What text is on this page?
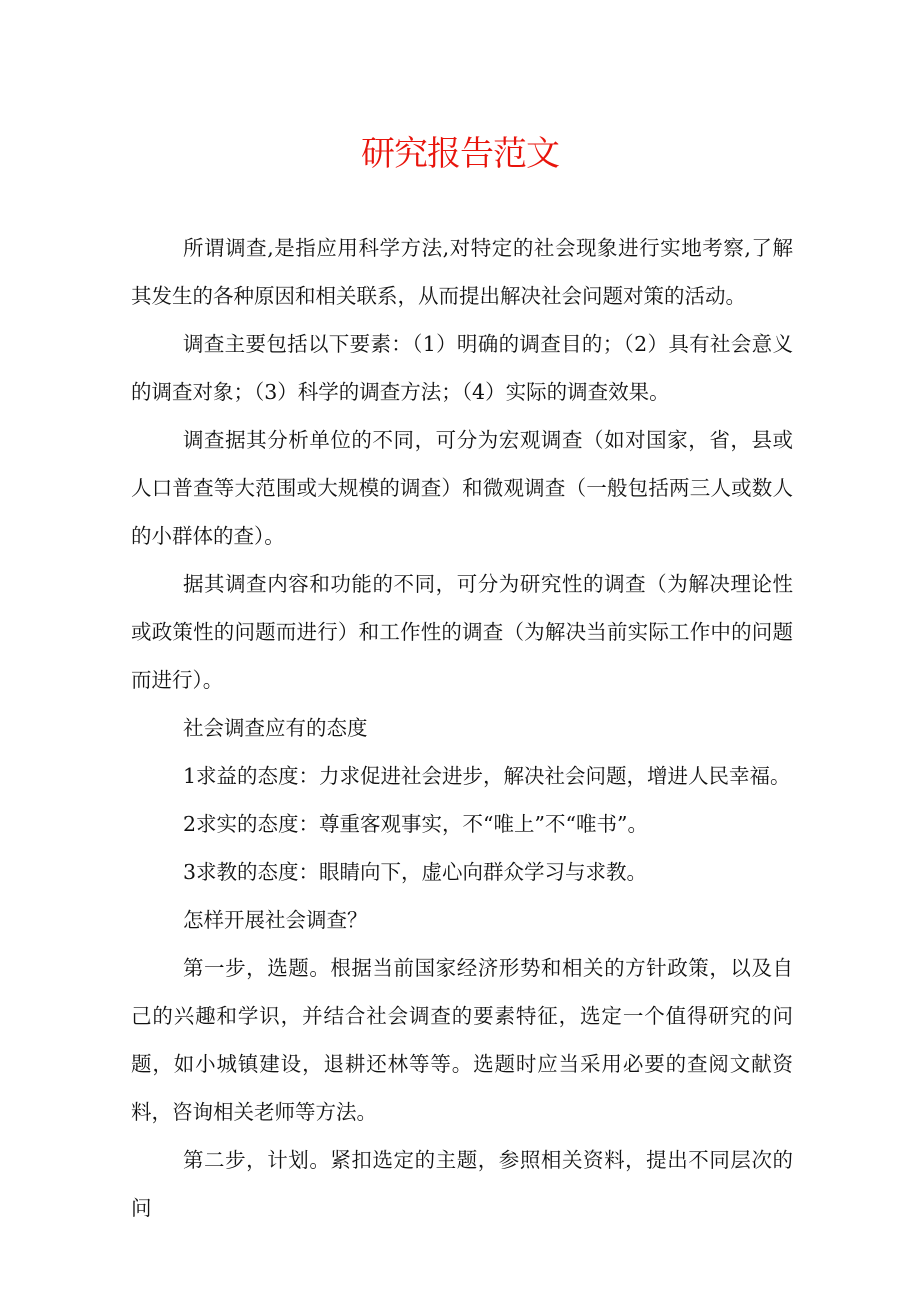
研究报告范文

所谓调查,是指应用科学方法,对特定的社会现象进行实地考察,了解其发生的各种原因和相关联系，从而提出解决社会问题对策的活动。

调查主要包括以下要素：（1）明确的调查目的；（2）具有社会意义的调查对象；（3）科学的调查方法；（4）实际的调查效果。

调查据其分析单位的不同，可分为宏观调查（如对国家，省，县或人口普查等大范围或大规模的调查）和微观调查（一般包括两三人或数人的小群体的查）。

据其调查内容和功能的不同，可分为研究性的调查（为解决理论性或政策性的问题而进行）和工作性的调查（为解决当前实际工作中的问题而进行）。

社会调查应有的态度

1求益的态度：力求促进社会进步，解决社会问题，增进人民幸福。

2求实的态度：尊重客观事实，不“唯上”不“唯书”。

3求教的态度：眼睛向下，虚心向群众学习与求教。

怎样开展社会调查？

第一步，选题。根据当前国家经济形势和相关的方针政策，以及自己的兴趣和学识，并结合社会调查的要素特征，选定一个值得研究的问题，如小城镇建设，退耕还林等等。选题时应当采用必要的查阅文献资料，咨询相关老师等方法。

第二步，计划。紧扣选定的主题，参照相关资料，提出不同层次的问
